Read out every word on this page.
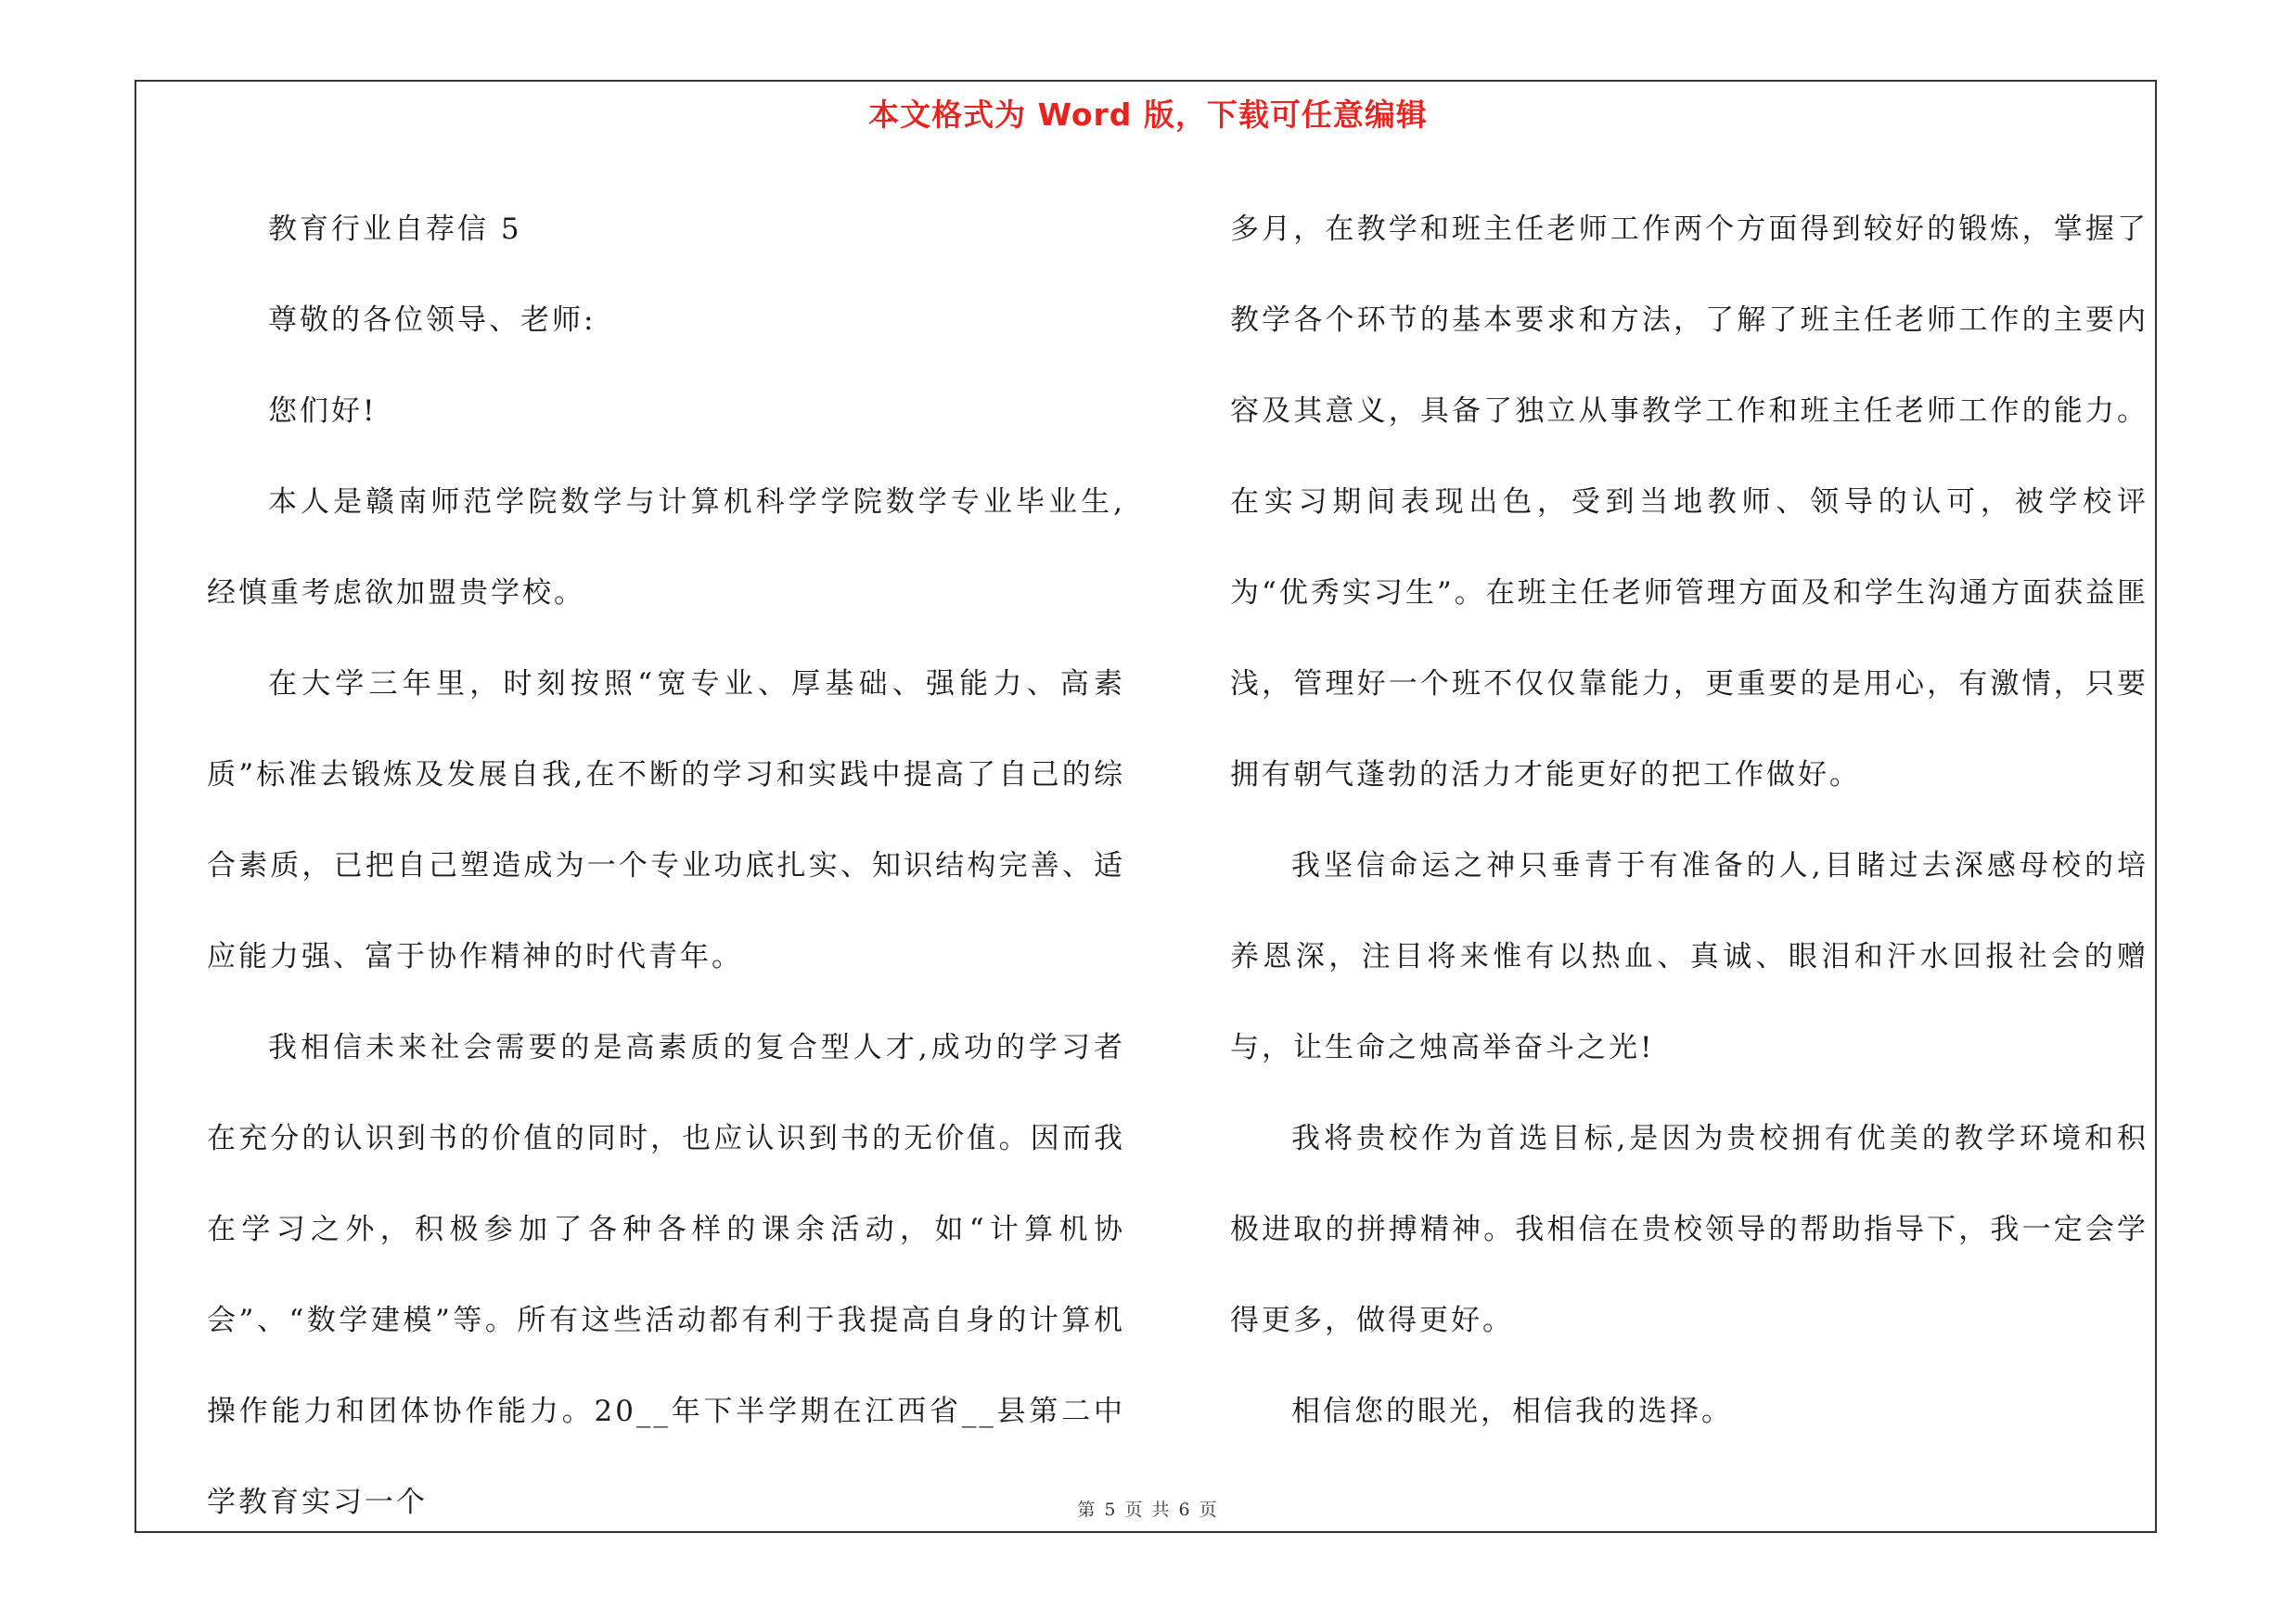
本文格式为 Word 版，下载可任意编辑

教育行业自荐信 5

尊敬的各位领导、老师:

您们好!

本人是赣南师范学院数学与计算机科学学院数学专业毕业生,经慎重考虑欲加盟贵学校。

在大学三年里，时刻按照“宽专业、厚基础、强能力、高素质”标准去锻炼及发展自我,在不断的学习和实践中提高了自己的综合素质，已把自己塑造成为一个专业功底扎实、知识结构完善、适应能力强、富于协作精神的时代青年。

我相信未来社会需要的是高素质的复合型人才,成功的学习者在充分的认识到书的价值的同时，也应认识到书的无价值。因而我在学习之外，积极参加了各种各样的课余活动，如“计算机协会”、“数学建模”等。所有这些活动都有利于我提高自身的计算机操作能力和团体协作能力。20__年下半学期在江西省__县第二中学教育实习一个

多月，在教学和班主任老师工作两个方面得到较好的锻炼，掌握了教学各个环节的基本要求和方法，了解了班主任老师工作的主要内容及其意义，具备了独立从事教学工作和班主任老师工作的能力。在实习期间表现出色，受到当地教师、领导的认可，被学校评为“优秀实习生”。在班主任老师管理方面及和学生沟通方面获益匪浅，管理好一个班不仅仅靠能力，更重要的是用心，有激情，只要拥有朝气蓬勃的活力才能更好的把工作做好。

我坚信命运之神只垂青于有准备的人,目睹过去深感母校的培养恩深，注目将来惟有以热血、真诚、眼泪和汗水回报社会的赠与，让生命之烛高举奋斗之光!

我将贵校作为首选目标,是因为贵校拥有优美的教学环境和积极进取的拼搏精神。我相信在贵校领导的帮助指导下，我一定会学得更多，做得更好。

相信您的眼光，相信我的选择。

第 5 页 共 6 页
